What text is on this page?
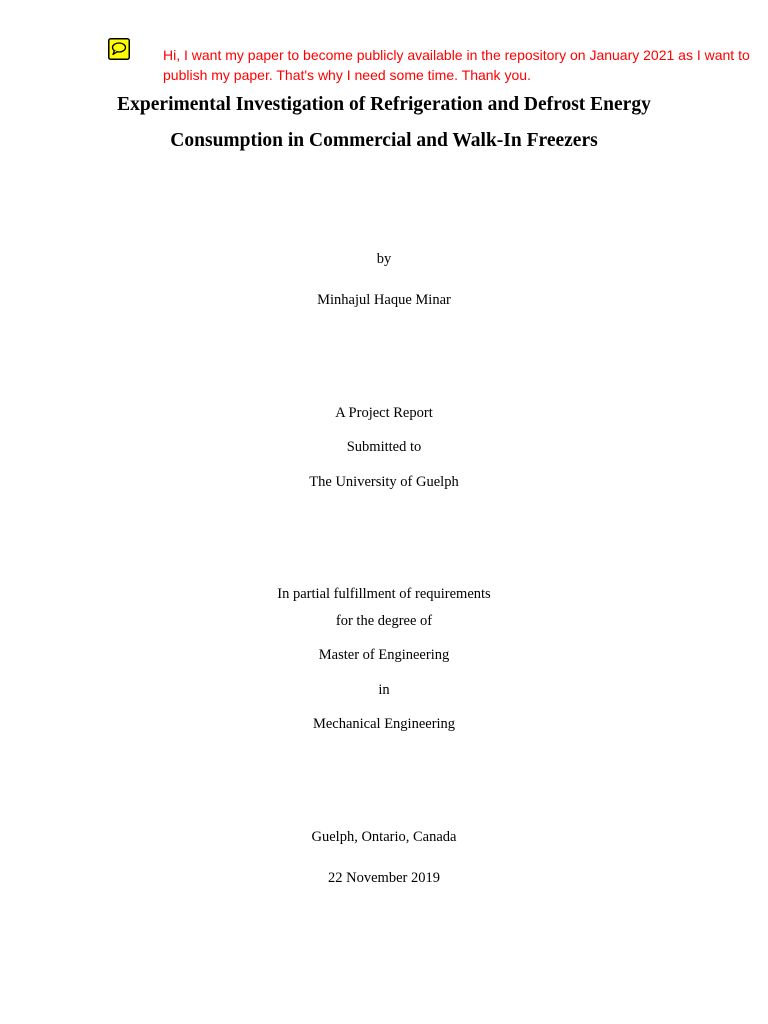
Hi, I want my paper to become publicly available in the repository on January 2021 as I want to
publish my paper. That's why I need some time. Thank you.
Experimental Investigation of Refrigeration and Defrost Energy
Consumption in Commercial and Walk-In Freezers
by
Minhajul Haque Minar
A Project Report
Submitted to
The University of Guelph
In partial fulfillment of requirements
for the degree of
Master of Engineering
in
Mechanical Engineering
Guelph, Ontario, Canada
22 November 2019
